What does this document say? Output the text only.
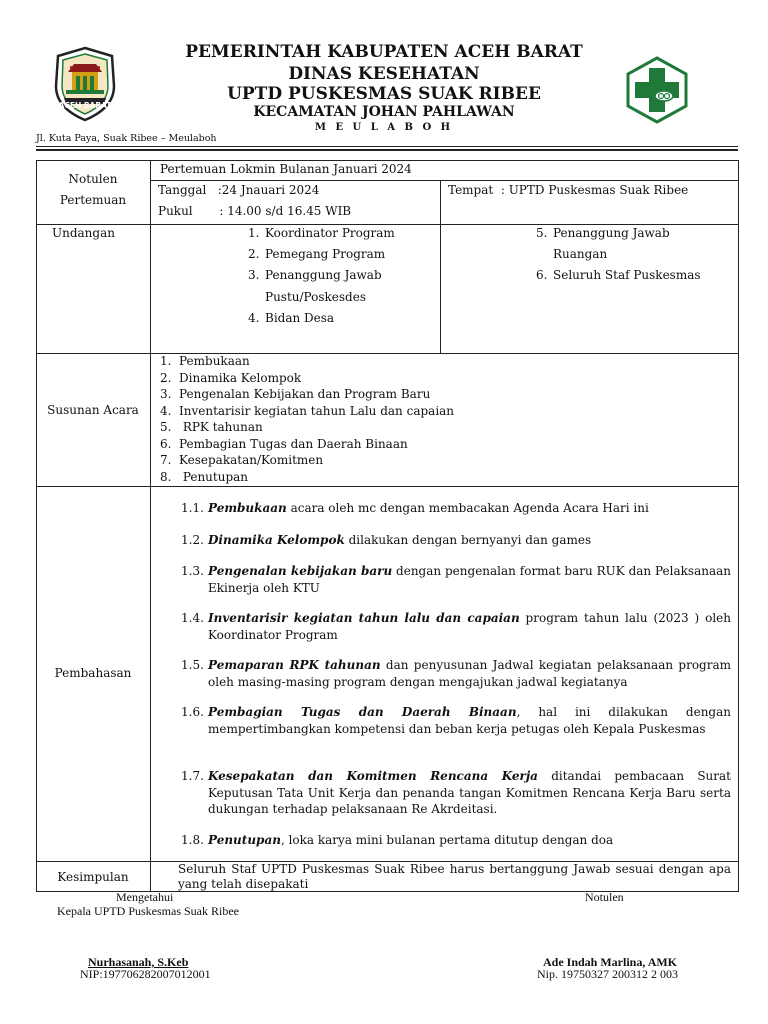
ACEH BARAT
PEMERINTAH KABUPATEN ACEH BARAT
DINAS KESEHATAN
UPTD PUSKESMAS SUAK RIBEE
KECAMATAN JOHAN PAHLAWAN
M E U L A B O H
Jl. Kuta Paya, Suak Ribee – Meulaboh
Notulen
Pertemuan
Pertemuan Lokmin Bulanan Januari 2024
Tanggal   :24 Jnauari 2024
Pukul       : 14.00 s/d 16.45 WIB
Tempat  : UPTD Puskesmas Suak Ribee
Undangan	1. Koordinator Program
2. Pemegang Program
3. Penanggung Jawab
Pustu/Poskesdes
4. Bidan Desa
5. Penanggung Jawab
Ruangan
6. Seluruh Staf Puskesmas
Susunan Acara
1. Pembukaan
2. Dinamika Kelompok
3. Pengenalan Kebijakan dan Program Baru
4. Inventarisir kegiatan tahun Lalu dan capaian
5. RPK tahunan
6. Pembagian Tugas dan Daerah Binaan
7. Kesepakatan/Komitmen
8. Penutupan
Pembahasan
1.1. Pembukaan acara oleh mc dengan membacakan Agenda Acara Hari ini
1.2. Dinamika Kelompok dilakukan dengan bernyanyi dan games
1.3. Pengenalan kebijakan baru dengan pengenalan format baru RUK dan Pelaksanaan Ekinerja oleh KTU
1.4. Inventarisir kegiatan tahun lalu dan capaian program tahun lalu (2023 ) oleh Koordinator Program
1.5. Pemaparan RPK tahunan dan penyusunan Jadwal kegiatan pelaksanaan program oleh masing-masing program dengan mengajukan jadwal kegiatanya
1.6. Pembagian Tugas dan Daerah Binaan, hal ini dilakukan dengan mempertimbangkan kompetensi dan beban kerja petugas oleh Kepala Puskesmas
1.7. Kesepakatan dan Komitmen Rencana Kerja ditandai pembacaan Surat Keputusan Tata Unit Kerja dan penanda tangan Komitmen Rencana Kerja Baru serta dukungan terhadap pelaksanaan Re Akrdeitasi.
1.8. Penutupan, loka karya mini bulanan pertama ditutup dengan doa
Kesimpulan
Seluruh Staf UPTD Puskesmas Suak Ribee harus bertanggung Jawab sesuai dengan apa yang telah disepakati
Mengetahui
Kepala UPTD Puskesmas Suak Ribee
Nurhasanah, S.Keb
NIP:197706282007012001
Notulen
Ade Indah Marlina, AMK
Nip. 19750327 200312 2 003
